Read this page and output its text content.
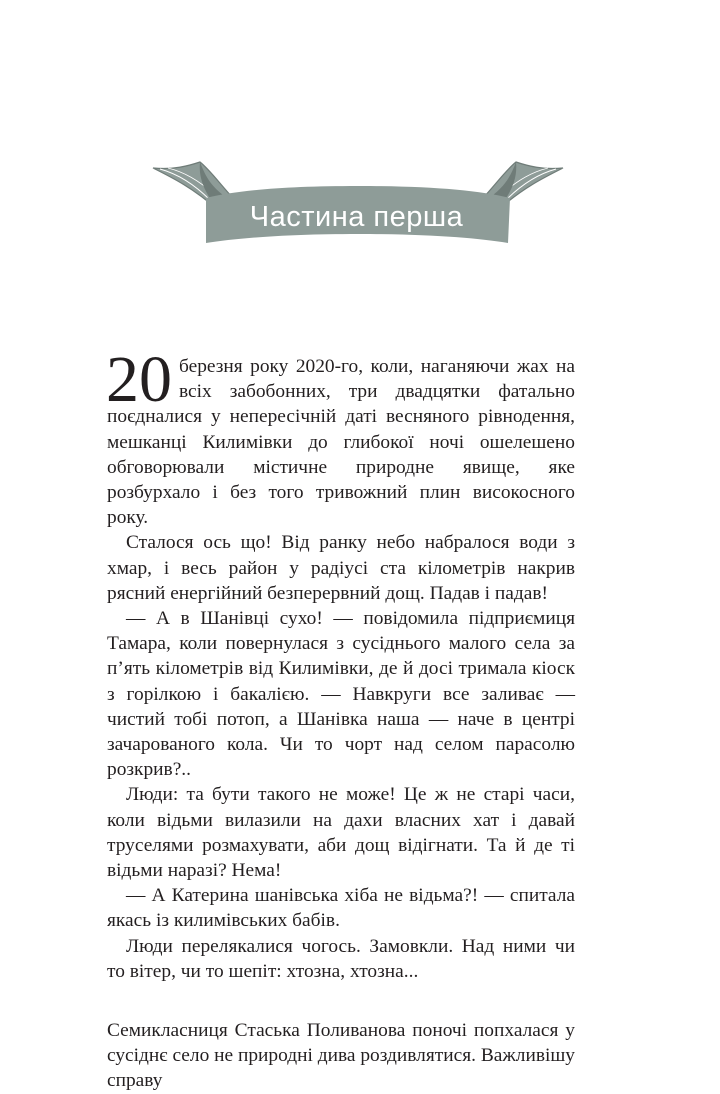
Частина перша

20 березня року 2020-го, коли, наганяючи жах на всіх забобонних, три двадцятки фатально поєдналися у непересічній даті весняного рівнодення, мешканці Килимівки до глибокої ночі ошелешено обговорювали містичне природне явище, яке розбурхало і без того тривожний плин високосного року.

Сталося ось що! Від ранку небо набралося води з хмар, і весь район у радіусі ста кілометрів накрив рясний енергійний безперервний дощ. Падав і падав!

— А в Шанівці сухо! — повідомила підприємиця Тамара, коли повернулася з сусіднього малого села за п’ять кілометрів від Килимівки, де й досі тримала кіоск з горілкою і бакалією. — Навкруги все заливає — чистий тобі потоп, а Шанівка наша — наче в центрі зачарованого кола. Чи то чорт над селом парасолю розкрив?..

Люди: та бути такого не може! Це ж не старі часи, коли відьми вилазили на дахи власних хат і давай труселями розмахувати, аби дощ відігнати. Та й де ті відьми наразі? Нема!

— А Катерина шанівська хіба не відьма?! — спитала якась із килимівських бабів.

Люди перелякалися чогось. Замовкли. Над ними чи то вітер, чи то шепіт: хтозна, хтозна...

Семикласниця Стаська Поливанова поночі попхалася у сусіднє село не природні дива роздивлятися. Важливішу справу
